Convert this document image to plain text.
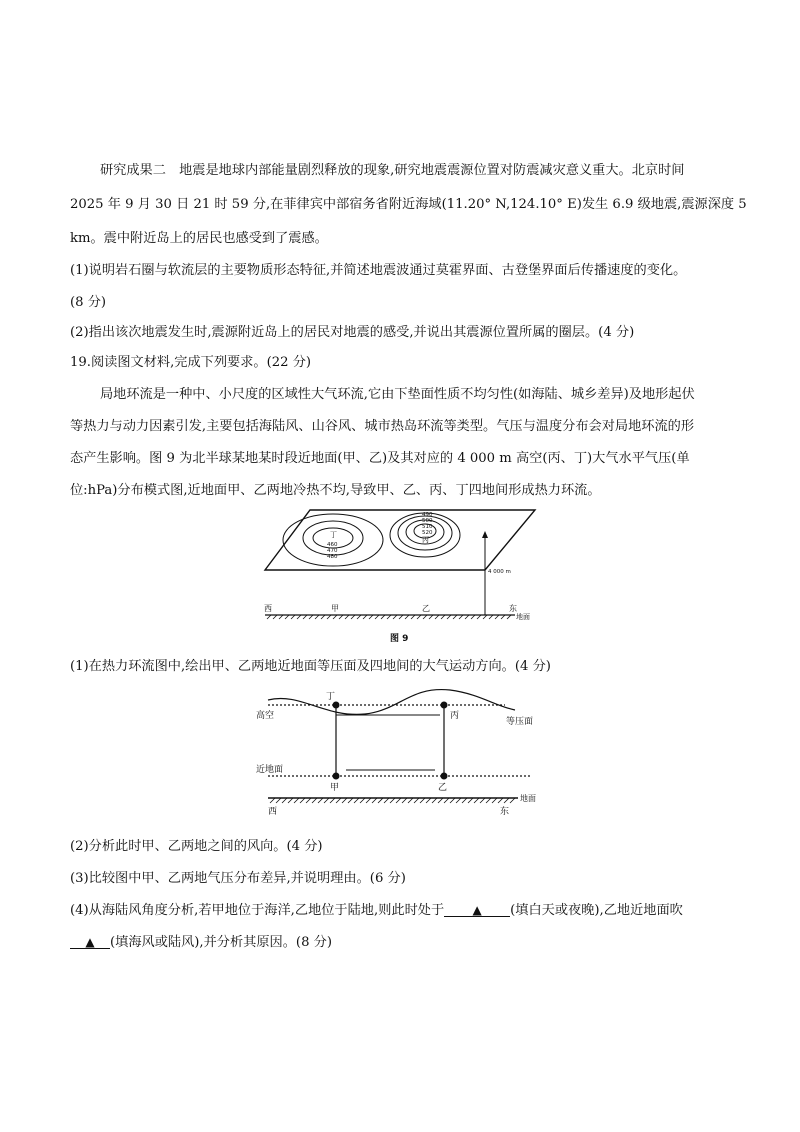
研究成果二　地震是地球内部能量剧烈释放的现象,研究地震震源位置对防震减灾意义重大。北京时间
2025 年 9 月 30 日 21 时 59 分,在菲律宾中部宿务省附近海域(11.20° N,124.10° E)发生 6.9 级地震,震源深度 5
km。震中附近岛上的居民也感受到了震感。
(1)说明岩石圈与软流层的主要物质形态特征,并简述地震波通过莫霍界面、古登堡界面后传播速度的变化。
(8 分)
(2)指出该次地震发生时,震源附近岛上的居民对地震的感受,并说出其震源位置所属的圈层。(4 分)
19.阅读图文材料,完成下列要求。(22 分)
局地环流是一种中、小尺度的区域性大气环流,它由下垫面性质不均匀性(如海陆、城乡差异)及地形起伏
等热力与动力因素引发,主要包括海陆风、山谷风、城市热岛环流等类型。气压与温度分布会对局地环流的形
态产生影响。图 9 为北半球某地某时段近地面(甲、乙)及其对应的 4 000 m 高空(丙、丁)大气水平气压(单
位:hPa)分布模式图,近地面甲、乙两地冷热不均,导致甲、乙、丙、丁四地间形成热力环流。
丁
460
470
480
490
500
510
520
丙
4 000 m
西	甲	乙	东
地面
图 9
(1)在热力环流图中,绘出甲、乙两地近地面等压面及四地间的大气运动方向。(4 分)
丁
丙
高空
等压面
近地面
甲	乙
地面
西	东
(2)分析此时甲、乙两地之间的风向。(4 分)
(3)比较图中甲、乙两地气压分布差异,并说明理由。(6 分)
(4)从海陆风角度分析,若甲地位于海洋,乙地位于陆地,则此时处于 ▲ (填白天或夜晚),乙地近地面吹
▲ (填海风或陆风),并分析其原因。(8 分)
